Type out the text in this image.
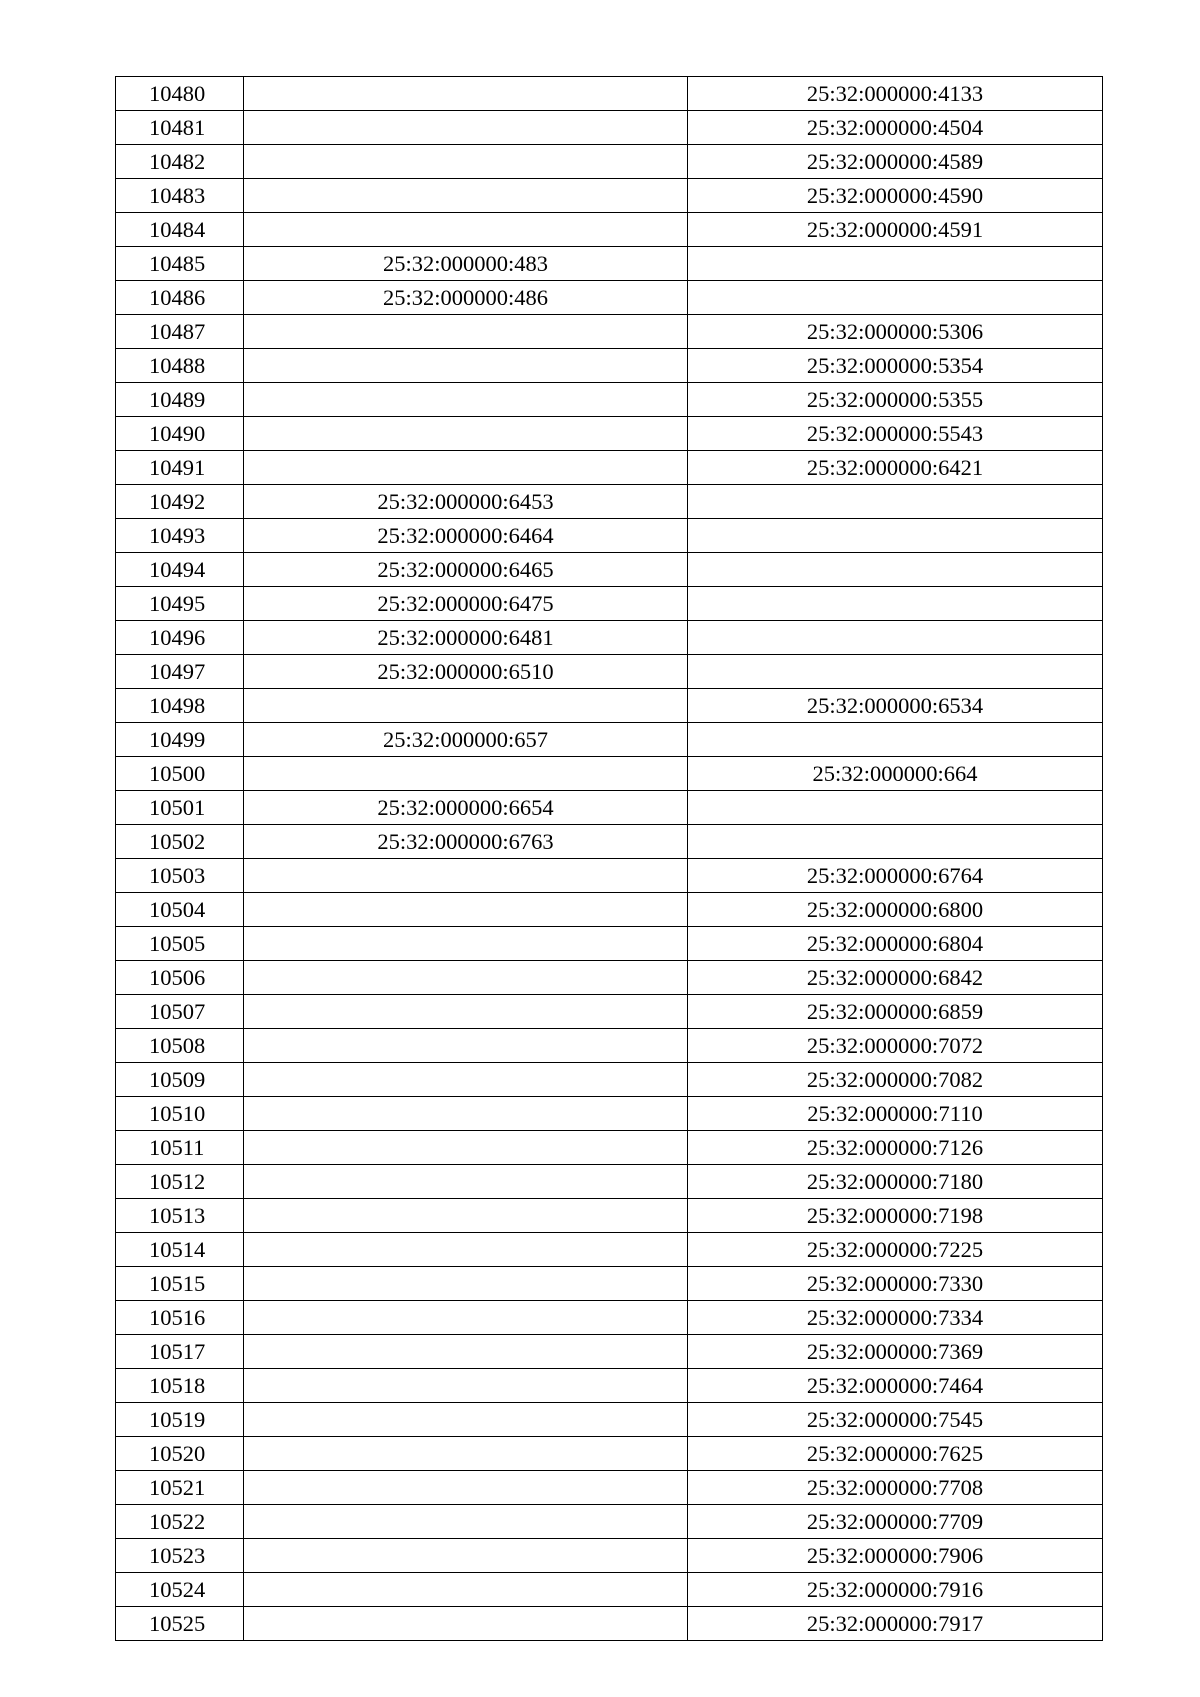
10480		25:32:000000:4133
10481		25:32:000000:4504
10482		25:32:000000:4589
10483		25:32:000000:4590
10484		25:32:000000:4591
10485	25:32:000000:483	
10486	25:32:000000:486	
10487		25:32:000000:5306
10488		25:32:000000:5354
10489		25:32:000000:5355
10490		25:32:000000:5543
10491		25:32:000000:6421
10492	25:32:000000:6453	
10493	25:32:000000:6464	
10494	25:32:000000:6465	
10495	25:32:000000:6475	
10496	25:32:000000:6481	
10497	25:32:000000:6510	
10498		25:32:000000:6534
10499	25:32:000000:657	
10500		25:32:000000:664
10501	25:32:000000:6654	
10502	25:32:000000:6763	
10503		25:32:000000:6764
10504		25:32:000000:6800
10505		25:32:000000:6804
10506		25:32:000000:6842
10507		25:32:000000:6859
10508		25:32:000000:7072
10509		25:32:000000:7082
10510		25:32:000000:7110
10511		25:32:000000:7126
10512		25:32:000000:7180
10513		25:32:000000:7198
10514		25:32:000000:7225
10515		25:32:000000:7330
10516		25:32:000000:7334
10517		25:32:000000:7369
10518		25:32:000000:7464
10519		25:32:000000:7545
10520		25:32:000000:7625
10521		25:32:000000:7708
10522		25:32:000000:7709
10523		25:32:000000:7906
10524		25:32:000000:7916
10525		25:32:000000:7917
